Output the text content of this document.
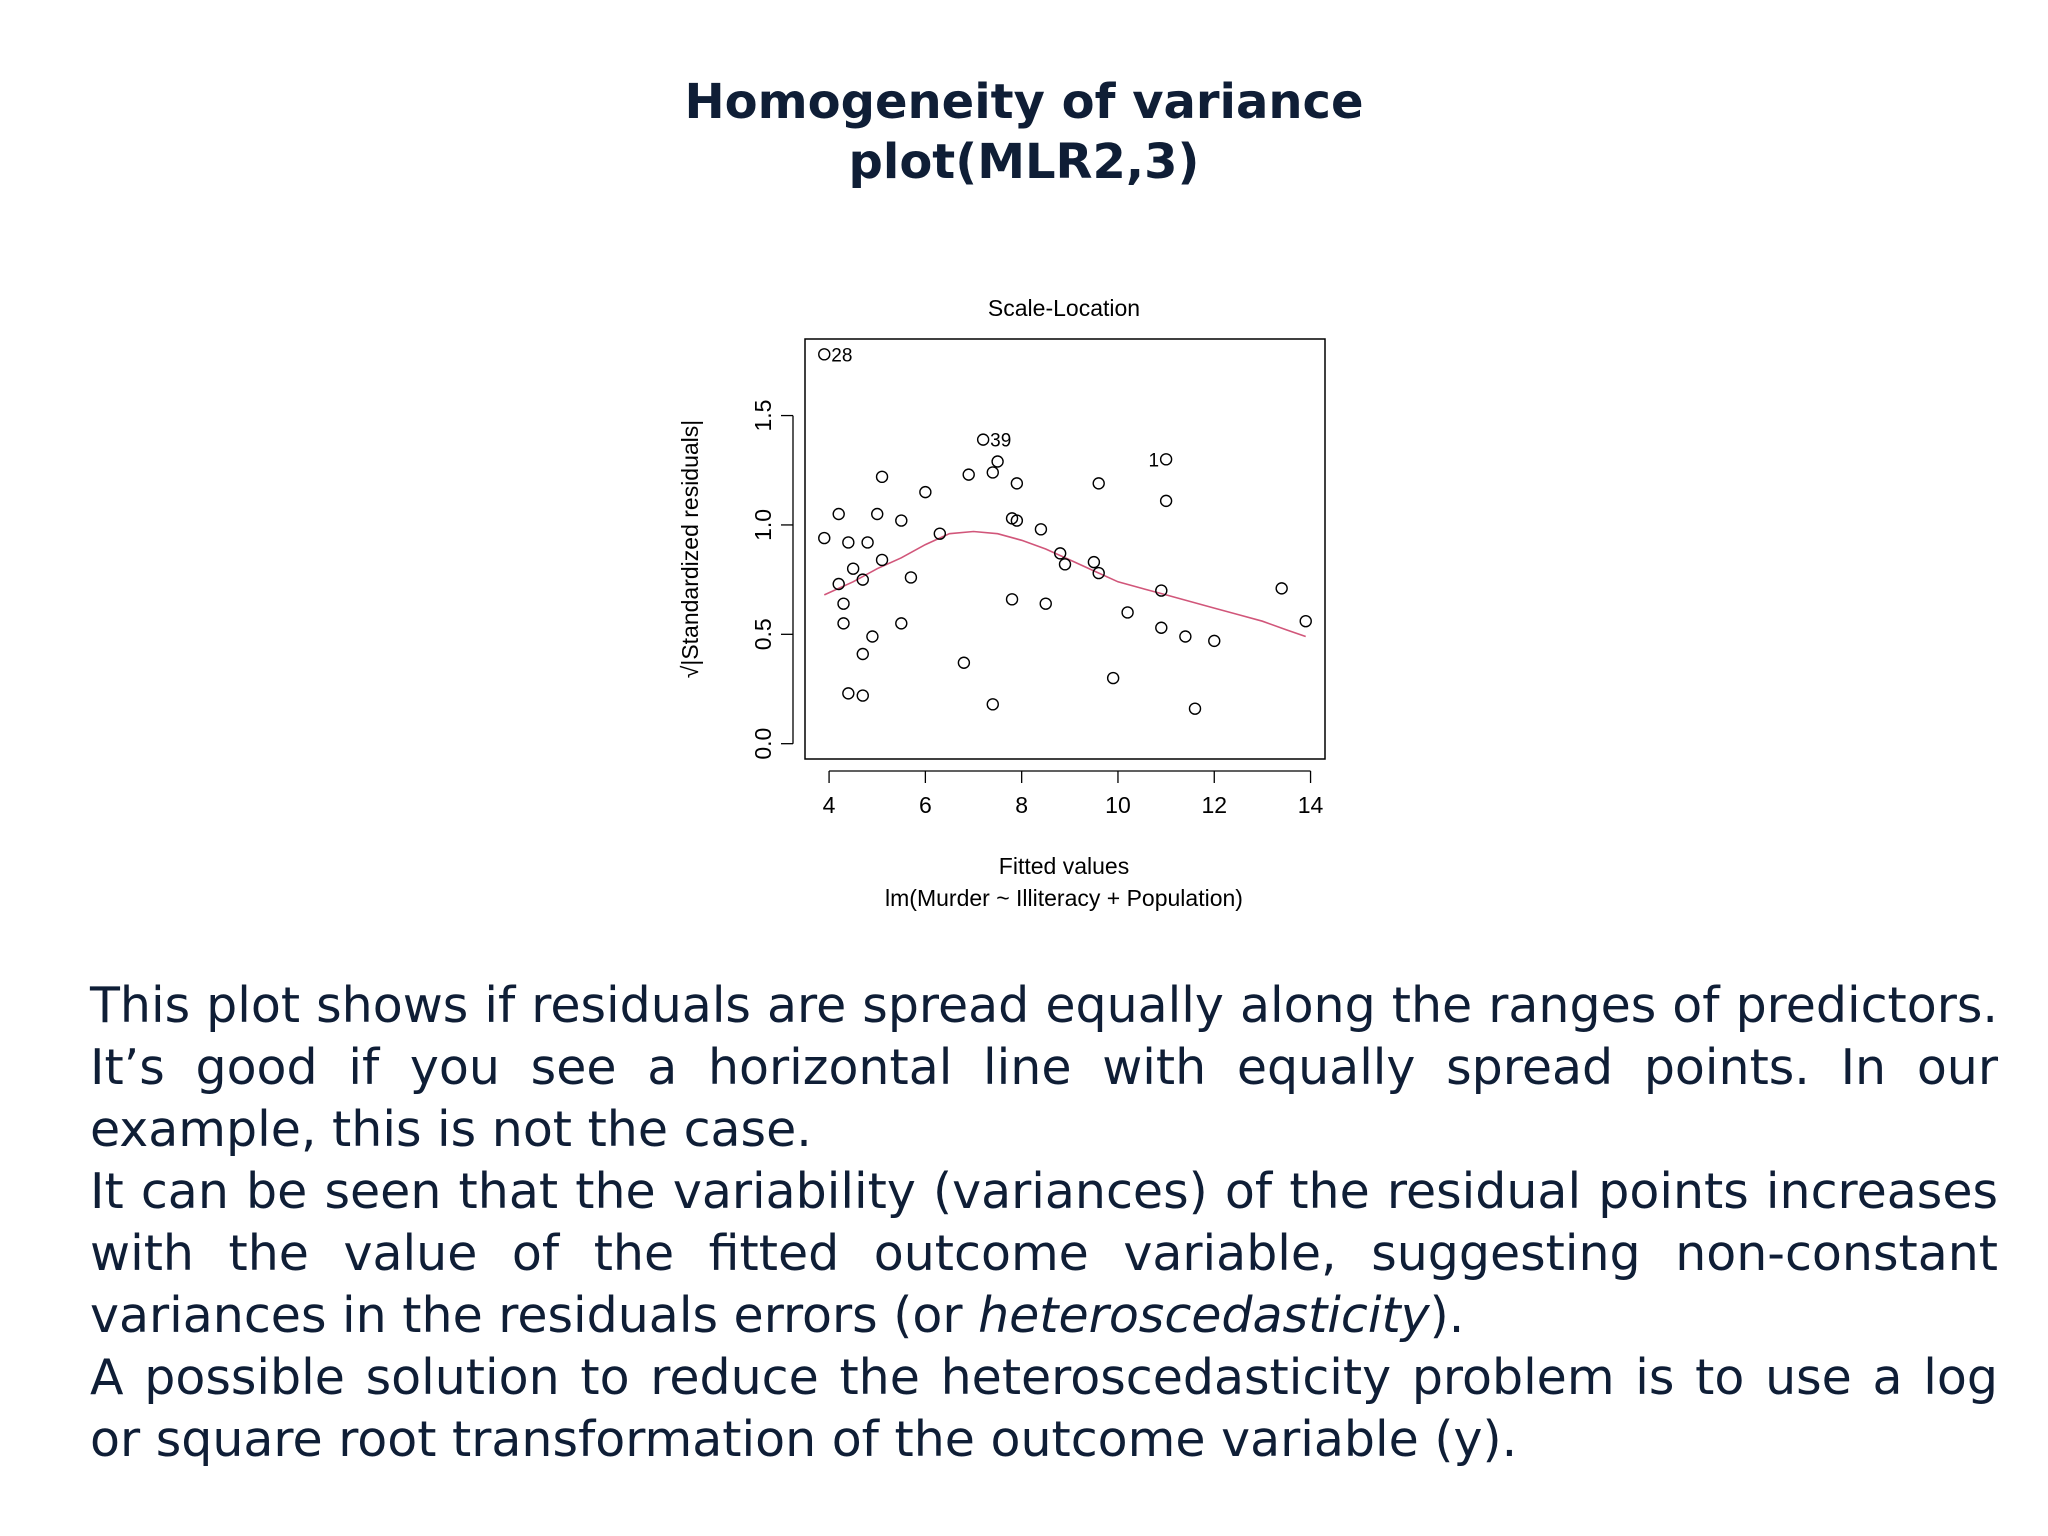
Homogeneity of variance
plot(MLR2,3)
Scale-Location
4	6	8	10	12	14
0.0
0.5
1.0
1.5
28
39
1
Fitted values
lm(Murder ~ Illiteracy + Population)
√|Standardized residuals|

This plot shows if residuals are spread equally along the ranges of predictors. It’s good if you see a horizontal line with equally spread points. In our example, this is not the case.

It can be seen that the variability (variances) of the residual points increases with the value of the fitted outcome variable, suggesting non-constant variances in the residuals errors (or heteroscedasticity).

A possible solution to reduce the heteroscedasticity problem is to use a log or square root transformation of the outcome variable (y).
